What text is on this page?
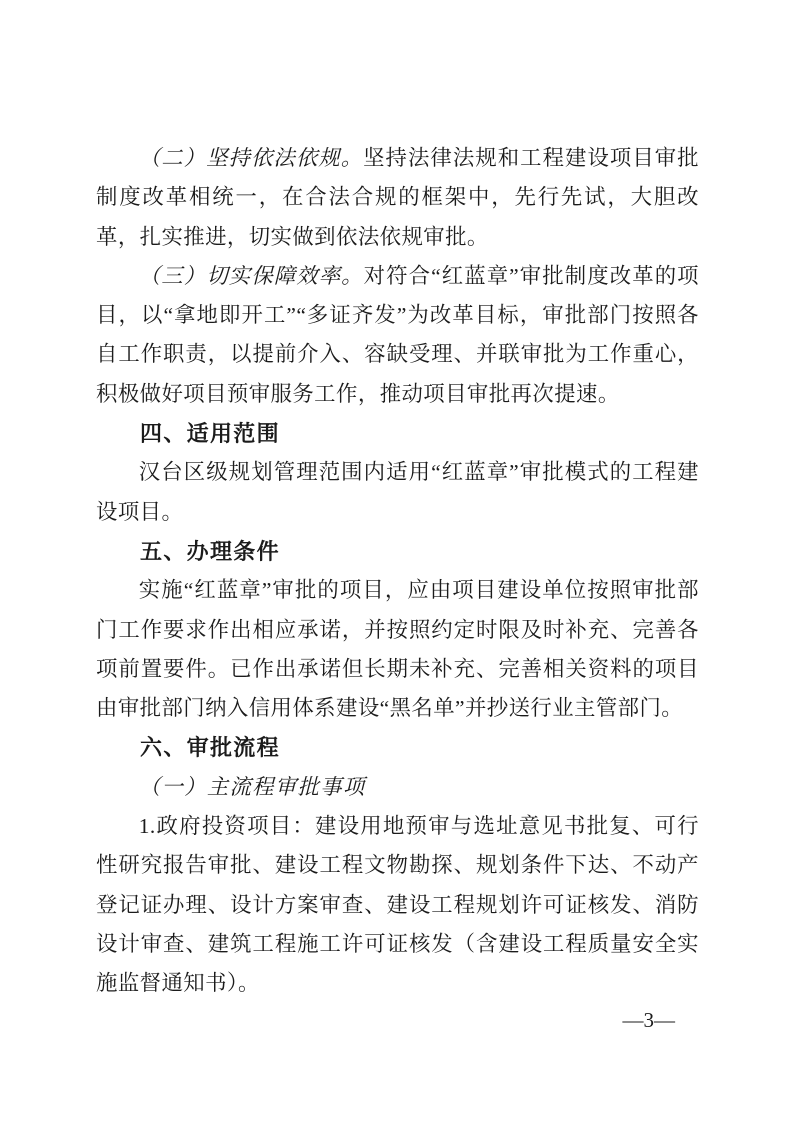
（二）坚持依法依规。坚持法律法规和工程建设项目审批制度改革相统一，在合法合规的框架中，先行先试，大胆改革，扎实推进，切实做到依法依规审批。

（三）切实保障效率。对符合“红蓝章”审批制度改革的项目，以“拿地即开工”“多证齐发”为改革目标，审批部门按照各自工作职责，以提前介入、容缺受理、并联审批为工作重心，积极做好项目预审服务工作，推动项目审批再次提速。

四、适用范围

汉台区级规划管理范围内适用“红蓝章”审批模式的工程建设项目。

五、办理条件

实施“红蓝章”审批的项目，应由项目建设单位按照审批部门工作要求作出相应承诺，并按照约定时限及时补充、完善各项前置要件。已作出承诺但长期未补充、完善相关资料的项目由审批部门纳入信用体系建设“黑名单”并抄送行业主管部门。

六、审批流程

（一）主流程审批事项

1.政府投资项目：建设用地预审与选址意见书批复、可行性研究报告审批、建设工程文物勘探、规划条件下达、不动产登记证办理、设计方案审查、建设工程规划许可证核发、消防设计审查、建筑工程施工许可证核发（含建设工程质量安全实施监督通知书）。

—3—
